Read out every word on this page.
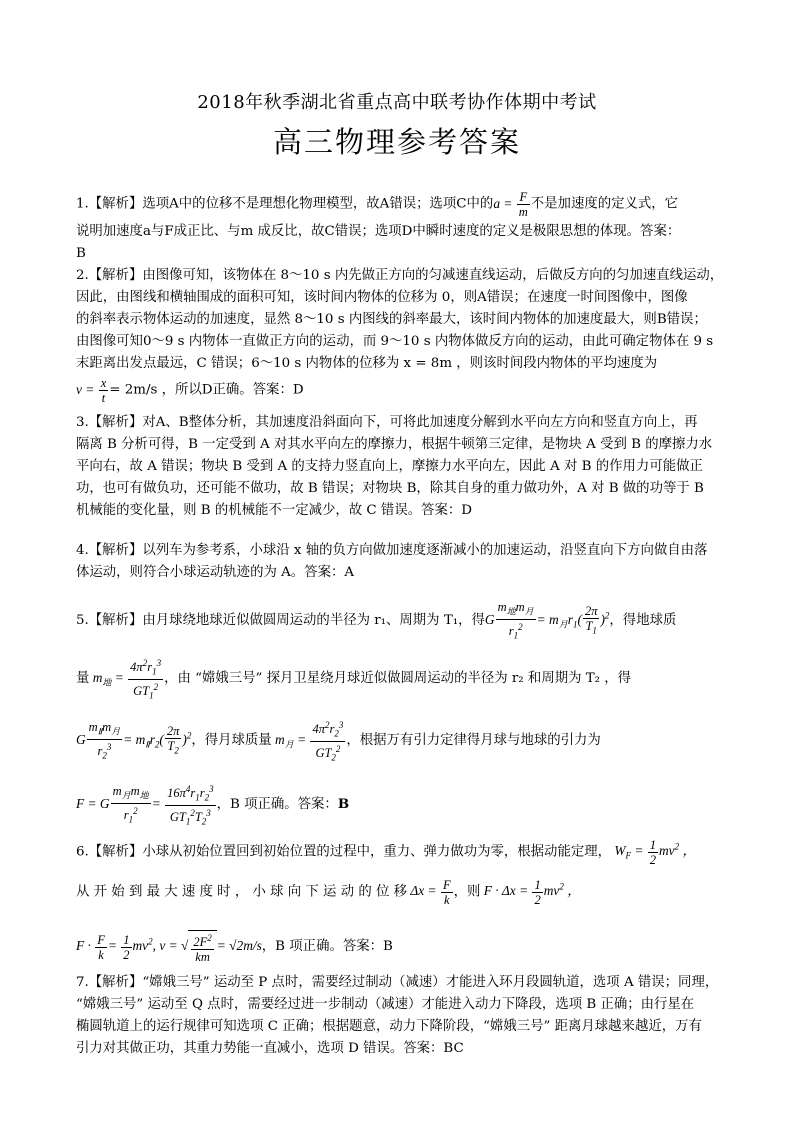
2018年秋季湖北省重点高中联考协作体期中考试
高三物理参考答案
1.【解析】选项A中的位移不是理想化物理模型，故A错误；选项C中的$a = \frac{F}{m}$ 不是加速度的定义式，它
说明加速度a与F成正比、与m 成反比，故C错误；选项D中瞬时速度的定义是极限思想的体现。答案：
B
2.【解析】由图像可知，该物体在 8～10 s 内先做正方向的匀减速直线运动，后做反方向的匀加速直线运动，
因此，由图线和横轴围成的面积可知，该时间内物体的位移为 0，则A错误；在速度一时间图像中，图像
的斜率表示物体运动的加速度，显然 8～10 s 内图线的斜率最大，该时间内物体的加速度最大，则B错误；
由图像可知0～9 s 内物体一直做正方向的运动，而 9～10 s 内物体做反方向的运动，由此可确定物体在 9 s
末距离出发点最远，C 错误；6～10 s 内物体的位移为 x = 8m ，则该时间段内物体的平均速度为
$v = \frac{x}{t} = 2m/s$ ，所以D正确。答案：D
3.【解析】对A、B整体分析，其加速度沿斜面向下，可将此加速度分解到水平向左方向和竖直方向上，再
隔离 B 分析可得，B 一定受到 A 对其水平向左的摩擦力，根据牛顿第三定律，是物块 A 受到 B 的摩擦力水
平向右，故 A 错误；物块 B 受到 A 的支持力竖直向上，摩擦力水平向左，因此 A 对 B 的作用力可能做正
功，也可有做负功，还可能不做功，故 B 错误；对物块 B，除其自身的重力做功外，A 对 B 做的功等于 B
机械能的变化量，则 B 的机械能不一定减少，故 C 错误。答案：D
4.【解析】以列车为参考系，小球沿 x 轴的负方向做加速度逐渐减小的加速运动，沿竖直向下方向做自由落
体运动，则符合小球运动轨迹的为 A。答案：A
5.【解析】由月球绕地球近似做圆周运动的半径为 r₁、周期为 T₁，得G $\frac{m_地m_月}{r_1^2} = m_月r_1( \frac{2\pi}{T_1} )^2$，得地球质
量 $m_地 = \frac{4\pi^2r_1^3}{GT_1^2}$ ，由 “嫦娥三号” 探月卫星绕月球近似做圆周运动的半径为 r₂ 和周期为 T₂ ，得
G $\frac{m_Ⅱm_月}{r_2^3} = m_Ⅱr_2( \frac{2\pi}{T_2} )^2$，得月球质量 $m_月 = \frac{4\pi^2r_2^3}{GT_2^2}$ ，根据万有引力定律得月球与地球的引力为
F = G $\frac{m_月m_地}{r_1^2} = \frac{16\pi^4r_1r_2^3}{GT_1^2T_2^3}$ ，B 项正确。答案：B
6.【解析】小球从初始位置回到初始位置的过程中，重力、弹力做功为零，根据动能定理， $W_F = \frac{1}{2} mv^2$ ，
从 开 始 到 最 大 速 度 时 ， 小 球 向 下 运 动 的 位 移 $\Delta x = \frac{F}{k}$ ，则 $F \cdot \Delta x = \frac{1}{2} mv^2$ ，
$F \cdot \frac{F}{k} = \frac{1}{2} mv^2$, v = √ $\frac{2F^2}{km} = √2m/s$，B 项正确。答案：B
7.【解析】“嫦娥三号” 运动至 P 点时，需要经过制动（减速）才能进入环月段圆轨道，选项 A 错误；同理，
“嫦娥三号” 运动至 Q 点时，需要经过进一步制动（减速）才能进入动力下降段，选项 B 正确；由行星在
椭圆轨道上的运行规律可知选项 C 正确；根据题意，动力下降阶段，“嫦娥三号” 距离月球越来越近，万有
引力对其做正功，其重力势能一直减小，选项 D 错误。答案：BC
